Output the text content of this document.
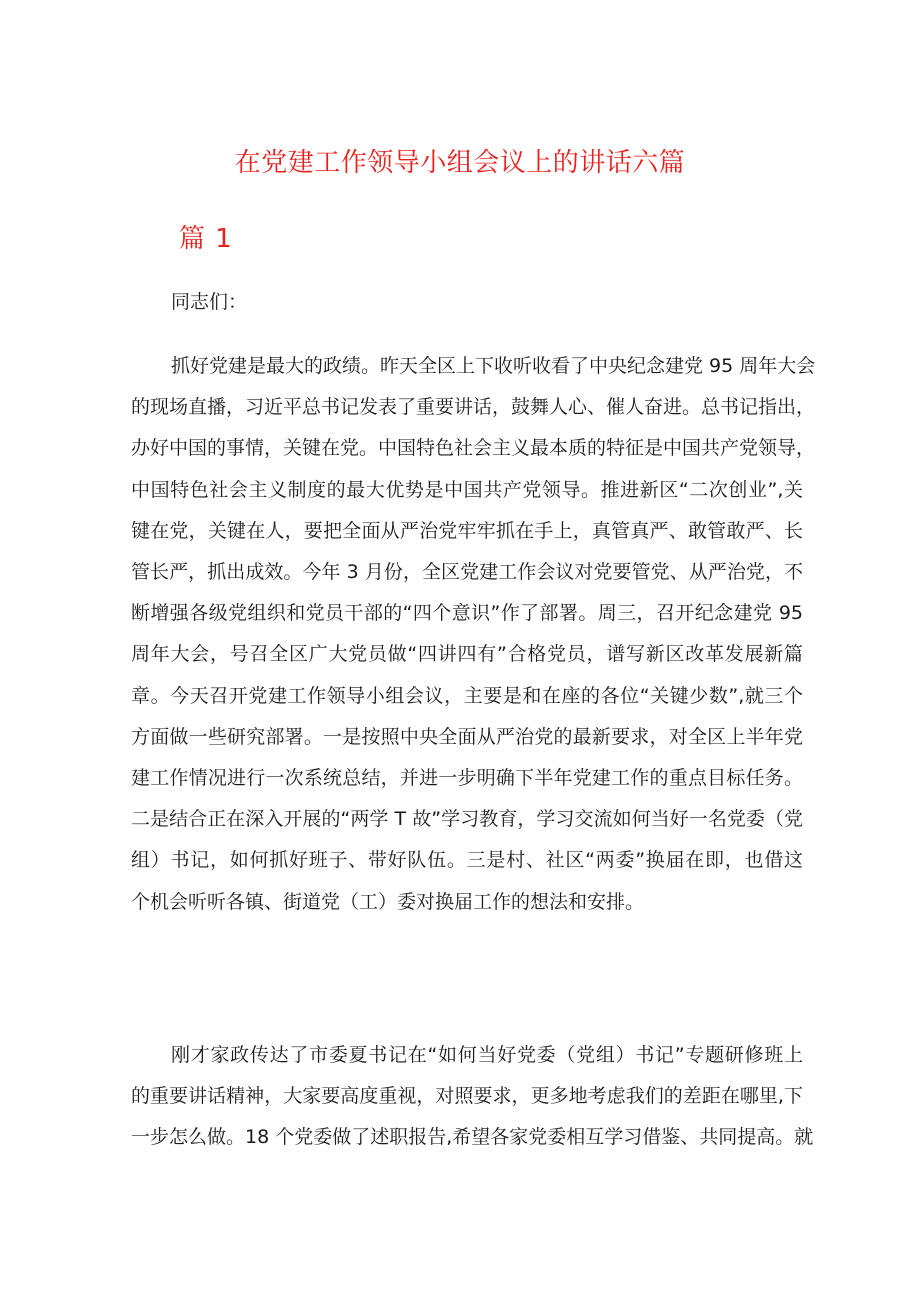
在党建工作领导小组会议上的讲话六篇
篇 1

同志们：

抓好党建是最大的政绩。昨天全区上下收听收看了中央纪念建党 95 周年大会
的现场直播，习近平总书记发表了重要讲话，鼓舞人心、催人奋进。总书记指出，
办好中国的事情，关键在党。中国特色社会主义最本质的特征是中国共产党领导，
中国特色社会主义制度的最大优势是中国共产党领导。推进新区“二次创业”,关
键在党，关键在人，要把全面从严治党牢牢抓在手上，真管真严、敢管敢严、长
管长严，抓出成效。今年 3 月份，全区党建工作会议对党要管党、从严治党，不
断增强各级党组织和党员干部的“四个意识”作了部署。周三，召开纪念建党 95
周年大会，号召全区广大党员做“四讲四有”合格党员，谱写新区改革发展新篇
章。今天召开党建工作领导小组会议，主要是和在座的各位“关键少数”,就三个
方面做一些研究部署。一是按照中央全面从严治党的最新要求，对全区上半年党
建工作情况进行一次系统总结，并进一步明确下半年党建工作的重点目标任务。
二是结合正在深入开展的“两学 T 故”学习教育，学习交流如何当好一名党委（党
组）书记，如何抓好班子、带好队伍。三是村、社区“两委”换届在即，也借这
个机会听听各镇、街道党（工）委对换届工作的想法和安排。
刚才家政传达了市委夏书记在“如何当好党委（党组）书记”专题研修班上
的重要讲话精神，大家要高度重视，对照要求，更多地考虑我们的差距在哪里,下
一步怎么做。18 个党委做了述职报告,希望各家党委相互学习借鉴、共同提高。就
